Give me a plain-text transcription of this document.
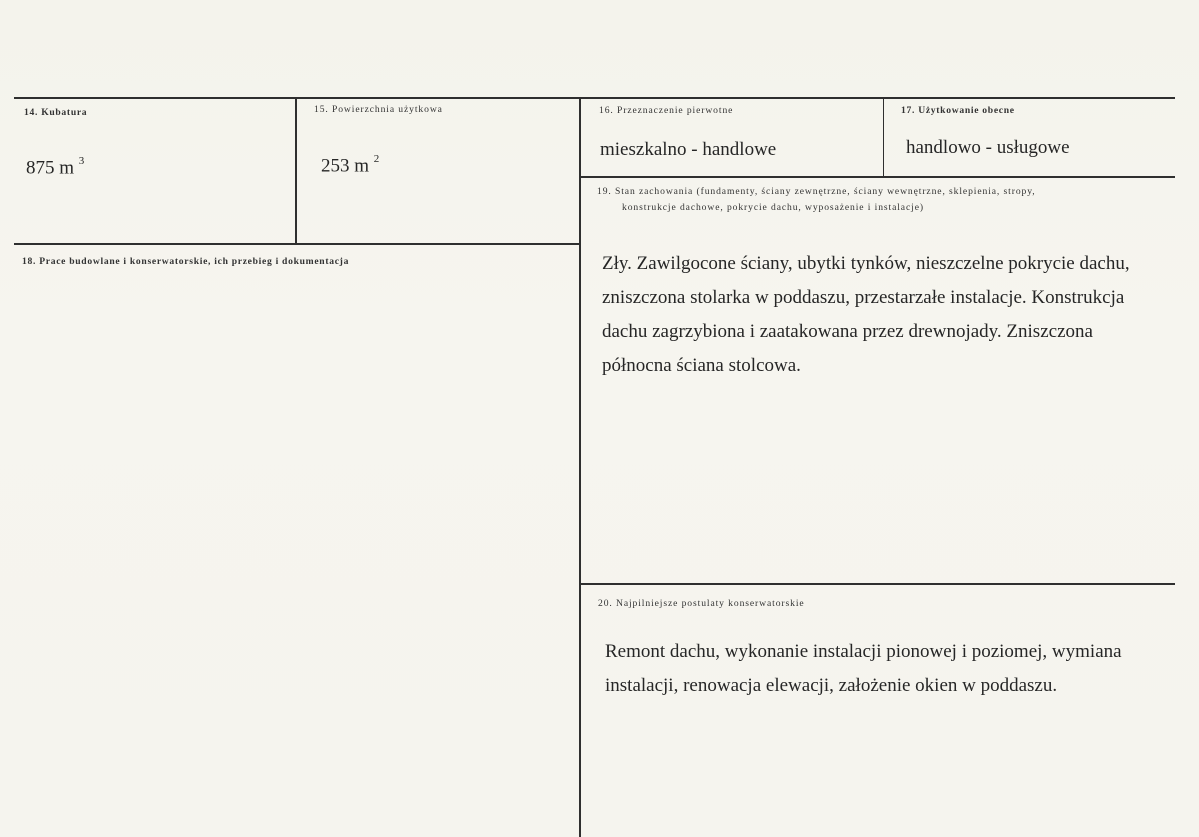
14. Kubatura
875 m $^3$
15. Powierzchnia użytkowa
253 m $^2$
16. Przeznaczenie pierwotne
mieszkalno - handlowe
17. Użytkowanie obecne
handlowo - usługowe
18. Prace budowlane i konserwatorskie, ich przebieg i dokumentacja
19. Stan zachowania (fundamenty, ściany zewnętrzne, ściany wewnętrzne, sklepienia, stropy,
konstrukcje dachowe, pokrycie dachu, wyposażenie i instalacje)
Zły. Zawilgocone ściany, ubytki tynków, nieszczelne pokrycie dachu,
zniszczona stolarka w poddaszu, przestarzałe instalacje. Konstrukcja
dachu zagrzybiona i zaatakowana przez drewnojady. Zniszczona
północna ściana stolcowa.
20. Najpilniejsze postulaty konserwatorskie
Remont dachu, wykonanie instalacji pionowej i poziomej, wymiana
instalacji, renowacja elewacji, założenie okien w poddaszu.
